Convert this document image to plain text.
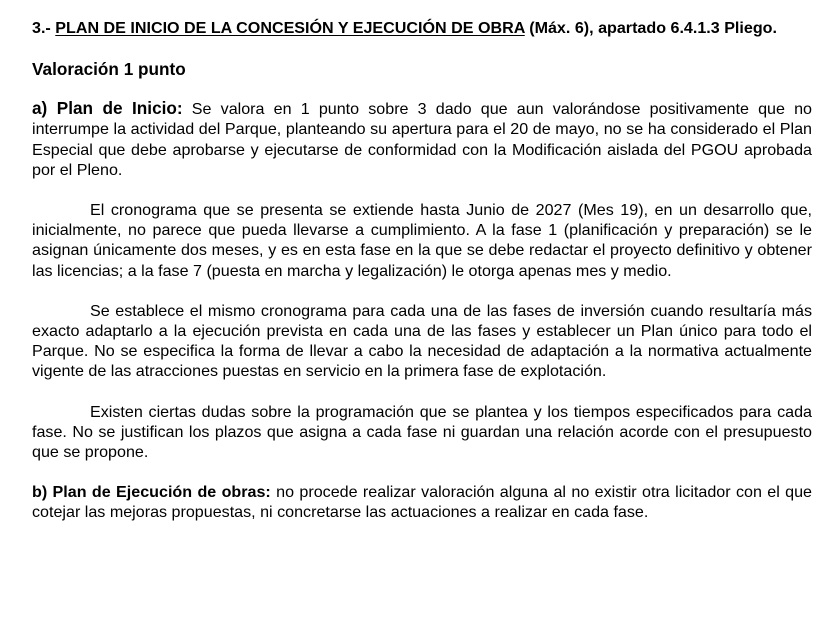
3.- PLAN DE INICIO DE LA CONCESIÓN Y EJECUCIÓN DE OBRA (Máx. 6), apartado 6.4.1.3 Pliego.

Valoración 1 punto

a) Plan de Inicio: Se valora en 1 punto sobre 3 dado que aun valorándose positivamente que no interrumpe la actividad del Parque, planteando su apertura para el 20 de mayo, no se ha considerado el Plan Especial que debe aprobarse y ejecutarse de conformidad con la Modificación aislada del PGOU aprobada por el Pleno.

El cronograma que se presenta se extiende hasta Junio de 2027 (Mes 19), en un desarrollo que, inicialmente, no parece que pueda llevarse a cumplimiento. A la fase 1 (planificación y preparación) se le asignan únicamente dos meses, y es en esta fase en la que se debe redactar el proyecto definitivo y obtener las licencias; a la fase 7 (puesta en marcha y legalización) le otorga apenas mes y medio.

Se establece el mismo cronograma para cada una de las fases de inversión cuando resultaría más exacto adaptarlo a la ejecución prevista en cada una de las fases y establecer un Plan único para todo el Parque. No se especifica la forma de llevar a cabo la necesidad de adaptación a la normativa actualmente vigente de las atracciones puestas en servicio en la primera fase de explotación.

Existen ciertas dudas sobre la programación que se plantea y los tiempos especificados para cada fase. No se justifican los plazos que asigna a cada fase ni guardan una relación acorde con el presupuesto que se propone.

b) Plan de Ejecución de obras: no procede realizar valoración alguna al no existir otra licitador con el que cotejar las mejoras propuestas, ni concretarse las actuaciones a realizar en cada fase.
